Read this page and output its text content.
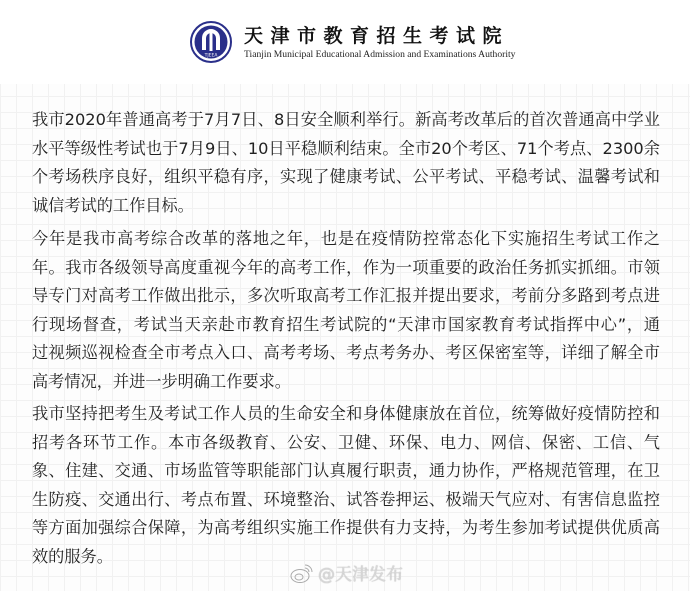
TJEEA
天津市教育招生考试院
Tianjin Municipal Educational Admission and Examinations Authority
我市2020年普通高考于7月7日、8日安全顺利举行。新高考改革后的首次普通高中学业
水平等级性考试也于7月9日、10日平稳顺利结束。全市20个考区、71个考点、2300余
个考场秩序良好，组织平稳有序，实现了健康考试、公平考试、平稳考试、温馨考试和
诚信考试的工作目标。
今年是我市高考综合改革的落地之年，也是在疫情防控常态化下实施招生考试工作之
年。我市各级领导高度重视今年的高考工作，作为一项重要的政治任务抓实抓细。市领
导专门对高考工作做出批示，多次听取高考工作汇报并提出要求，考前分多路到考点进
行现场督查，考试当天亲赴市教育招生考试院的“天津市国家教育考试指挥中心”，通
过视频巡视检查全市考点入口、高考考场、考点考务办、考区保密室等，详细了解全市
高考情况，并进一步明确工作要求。
我市坚持把考生及考试工作人员的生命安全和身体健康放在首位，统筹做好疫情防控和
招考各环节工作。本市各级教育、公安、卫健、环保、电力、网信、保密、工信、气
象、住建、交通、市场监管等职能部门认真履行职责，通力协作，严格规范管理，在卫
生防疫、交通出行、考点布置、环境整治、试答卷押运、极端天气应对、有害信息监控
等方面加强综合保障，为高考组织实施工作提供有力支持，为考生参加考试提供优质高
效的服务。
@天津发布
